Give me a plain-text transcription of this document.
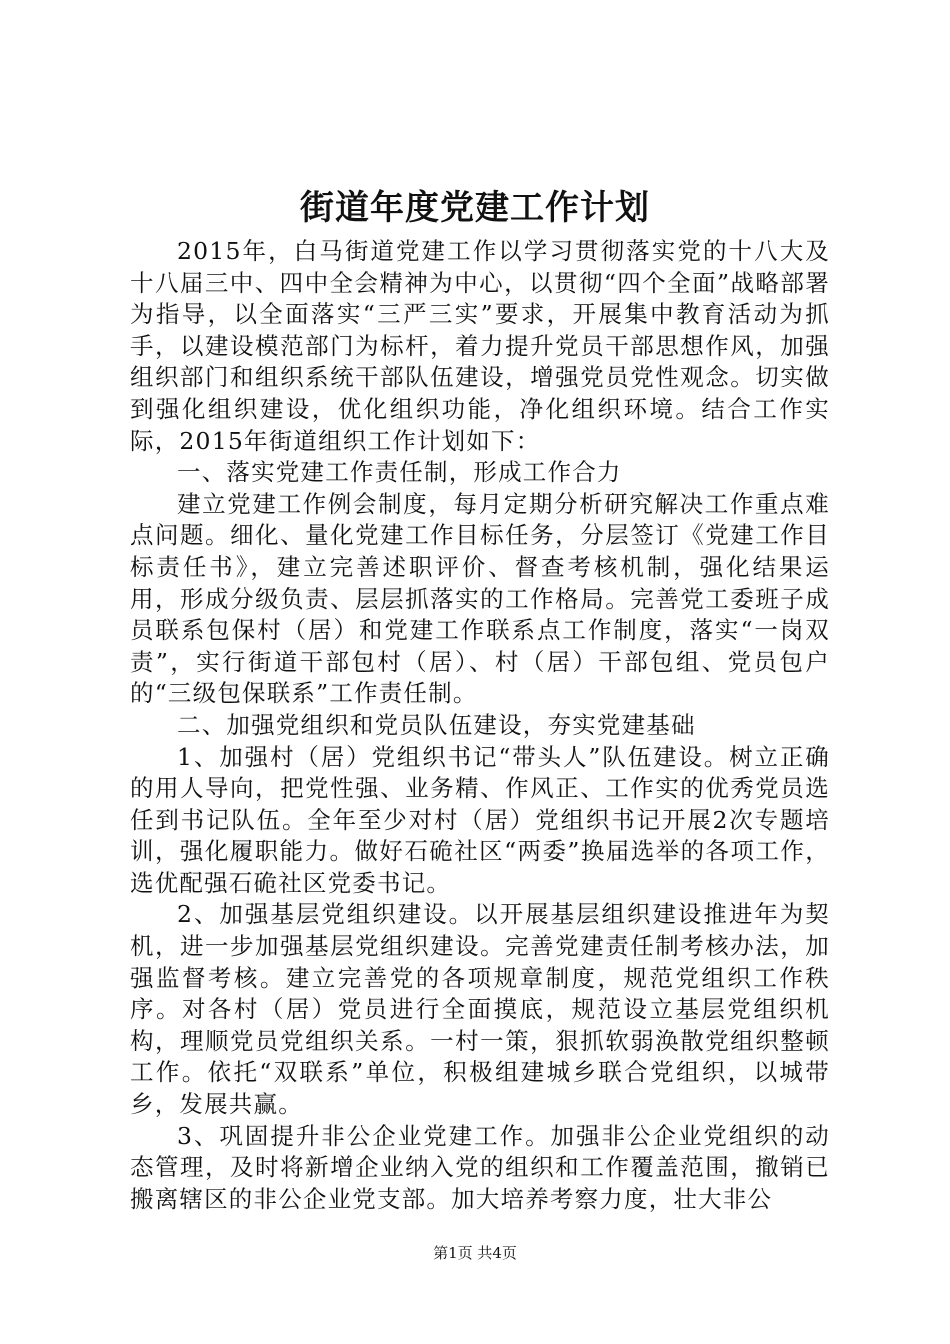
街道年度党建工作计划

2015年，白马街道党建工作以学习贯彻落实党的十八大及十八届三中、四中全会精神为中心，以贯彻“四个全面”战略部署为指导，以全面落实“三严三实”要求，开展集中教育活动为抓手，以建设模范部门为标杆，着力提升党员干部思想作风，加强组织部门和组织系统干部队伍建设，增强党员党性观念。切实做到强化组织建设，优化组织功能，净化组织环境。结合工作实际，2015年街道组织工作计划如下：

一、落实党建工作责任制，形成工作合力

建立党建工作例会制度，每月定期分析研究解决工作重点难点问题。细化、量化党建工作目标任务，分层签订《党建工作目标责任书》，建立完善述职评价、督查考核机制，强化结果运用，形成分级负责、层层抓落实的工作格局。完善党工委班子成员联系包保村（居）和党建工作联系点工作制度，落实“一岗双责”，实行街道干部包村（居）、村（居）干部包组、党员包户的“三级包保联系”工作责任制。

二、加强党组织和党员队伍建设，夯实党建基础

1、加强村（居）党组织书记“带头人”队伍建设。树立正确的用人导向，把党性强、业务精、作风正、工作实的优秀党员选任到书记队伍。全年至少对村（居）党组织书记开展2次专题培训，强化履职能力。做好石硊社区“两委”换届选举的各项工作，选优配强石硊社区党委书记。

2、加强基层党组织建设。以开展基层组织建设推进年为契机，进一步加强基层党组织建设。完善党建责任制考核办法，加强监督考核。建立完善党的各项规章制度，规范党组织工作秩序。对各村（居）党员进行全面摸底，规范设立基层党组织机构，理顺党员党组织关系。一村一策，狠抓软弱涣散党组织整顿工作。依托“双联系”单位，积极组建城乡联合党组织，以城带乡，发展共赢。

3、巩固提升非公企业党建工作。加强非公企业党组织的动态管理，及时将新增企业纳入党的组织和工作覆盖范围，撤销已搬离辖区的非公企业党支部。加大培养考察力度，壮大非公

第1页 共4页
